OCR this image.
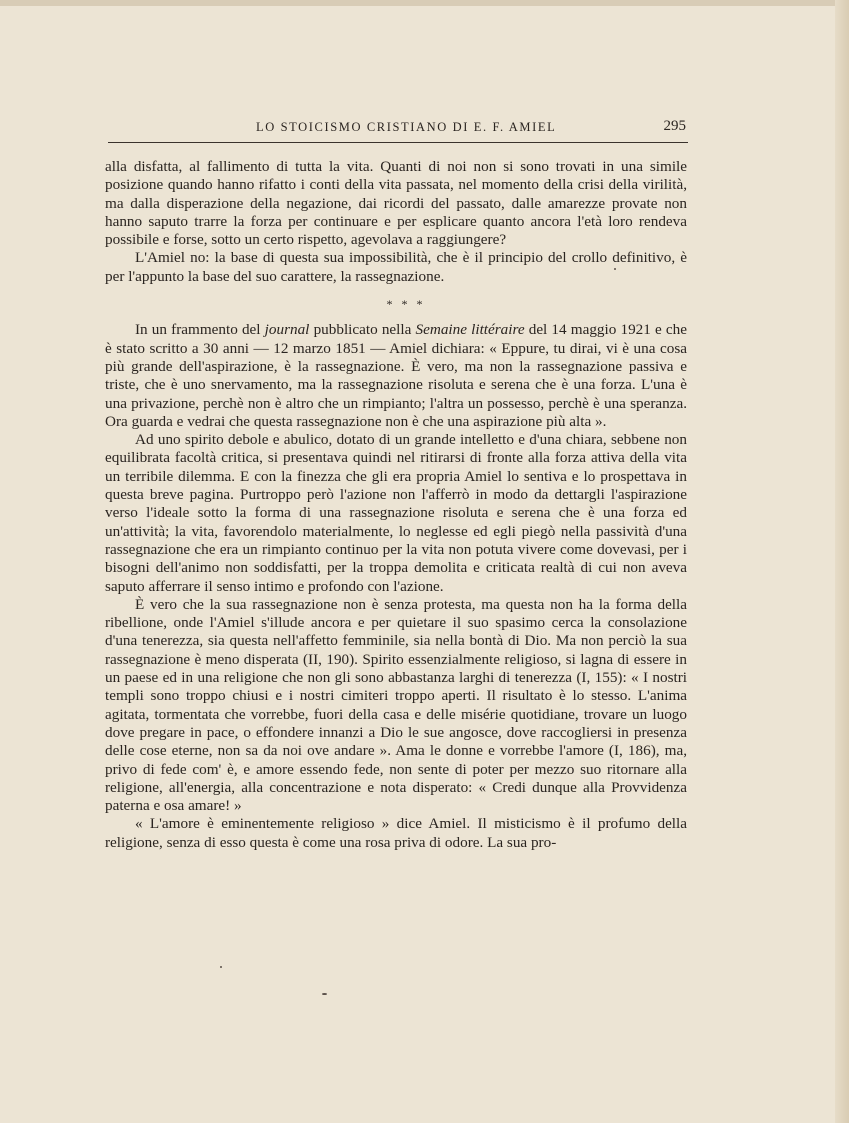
LO STOICISMO CRISTIANO DI E. F. AMIEL	295

alla disfatta, al fallimento di tutta la vita. Quanti di noi non si sono trovati in una simile posizione quando hanno rifatto i conti della vita passata, nel momento della crisi della virilità, ma dalla disperazione della negazione, dai ricordi del passato, dalle amarezze provate non hanno saputo trarre la forza per continuare e per esplicare quanto ancora l'età loro rendeva possibile e forse, sotto un certo rispetto, agevolava a raggiungere?

L'Amiel no: la base di questa sua impossibilità, che è il principio del crollo definitivo, è per l'appunto la base del suo carattere, la rassegnazione.

* * *

In un frammento del journal pubblicato nella Semaine littéraire del 14 maggio 1921 e che è stato scritto a 30 anni — 12 marzo 1851 — Amiel dichiara: « Eppure, tu dirai, vi è una cosa più grande dell'aspirazione, è la rassegnazione. È vero, ma non la rassegnazione passiva e triste, che è uno snervamento, ma la rassegnazione risoluta e serena che è una forza. L'una è una privazione, perchè non è altro che un rimpianto; l'altra un possesso, perchè è una speranza. Ora guarda e vedrai che questa rassegnazione non è che una aspirazione più alta ».

Ad uno spirito debole e abulico, dotato di un grande intelletto e d'una chiara, sebbene non equilibrata facoltà critica, si presentava quindi nel ritirarsi di fronte alla forza attiva della vita un terribile dilemma. E con la finezza che gli era propria Amiel lo sentiva e lo prospettava in questa breve pagina. Purtroppo però l'azione non l'afferrò in modo da dettargli l'aspirazione verso l'ideale sotto la forma di una rassegnazione risoluta e serena che è una forza ed un'attività; la vita, favorendolo materialmente, lo neglesse ed egli piegò nella passività d'una rassegnazione che era un rimpianto continuo per la vita non potuta vivere come dovevasi, per i bisogni dell'animo non soddisfatti, per la troppa demolita e criticata realtà di cui non aveva saputo afferrare il senso intimo e profondo con l'azione.

È vero che la sua rassegnazione non è senza protesta, ma questa non ha la forma della ribellione, onde l'Amiel s'illude ancora e per quietare il suo spasimo cerca la consolazione d'una tenerezza, sia questa nell'affetto femminile, sia nella bontà di Dio. Ma non perciò la sua rassegnazione è meno disperata (II, 190). Spirito essenzialmente religioso, si lagna di essere in un paese ed in una religione che non gli sono abbastanza larghi di tenerezza (I, 155): « I nostri templi sono troppo chiusi e i nostri cimiteri troppo aperti. Il risultato è lo stesso. L'anima agitata, tormentata che vorrebbe, fuori della casa e delle misérie quotidiane, trovare un luogo dove pregare in pace, o effondere innanzi a Dio le sue angosce, dove raccogliersi in presenza delle cose eterne, non sa da noi ove andare ». Ama le donne e vorrebbe l'amore (I, 186), ma, privo di fede com' è, e amore essendo fede, non sente di poter per mezzo suo ritornare alla religione, all'energia, alla concentrazione e nota disperato: « Credi dunque alla Provvidenza paterna e osa amare! »

« L'amore è eminentemente religioso » dice Amiel. Il misticismo è il profumo della religione, senza di esso questa è come una rosa priva di odore. La sua pro-
